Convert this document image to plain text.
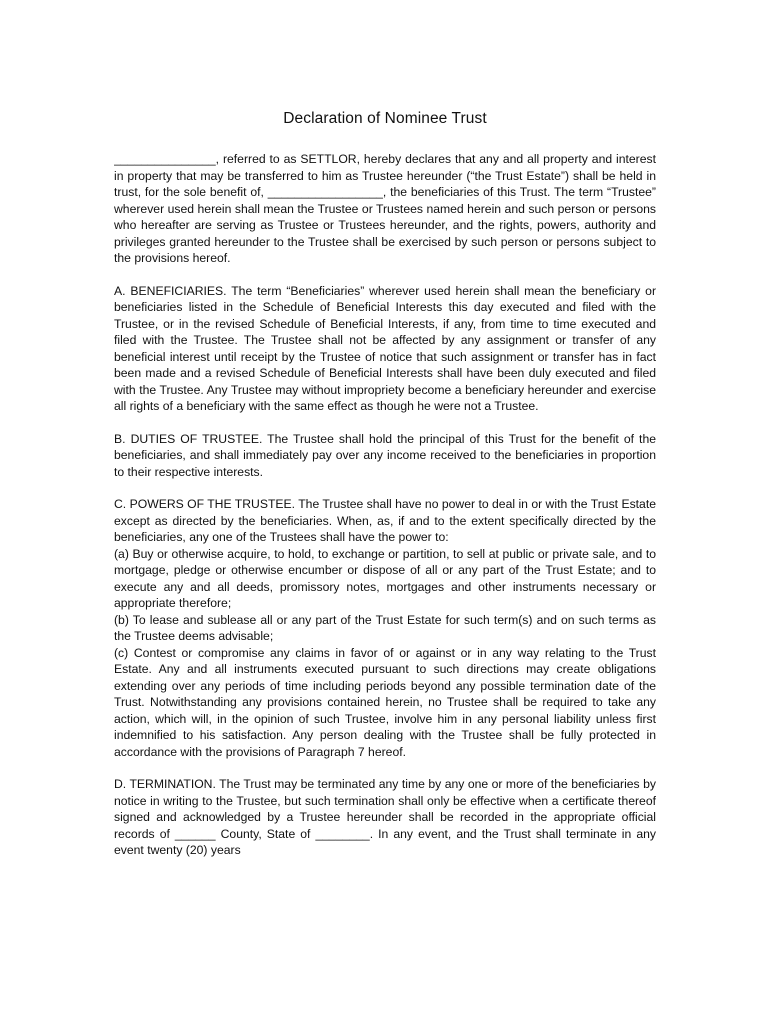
Declaration of Nominee Trust

_______________, referred to as SETTLOR, hereby declares that any and all property and interest in property that may be transferred to him as Trustee hereunder (“the Trust Estate”) shall be held in trust, for the sole benefit of, _________________, the beneficiaries of this Trust. The term “Trustee” wherever used herein shall mean the Trustee or Trustees named herein and such person or persons who hereafter are serving as Trustee or Trustees hereunder, and the rights, powers, authority and privileges granted hereunder to the Trustee shall be exercised by such person or persons subject to the provisions hereof.

A. BENEFICIARIES. The term “Beneficiaries” wherever used herein shall mean the beneficiary or beneficiaries listed in the Schedule of Beneficial Interests this day executed and filed with the Trustee, or in the revised Schedule of Beneficial Interests, if any, from time to time executed and filed with the Trustee. The Trustee shall not be affected by any assignment or transfer of any beneficial interest until receipt by the Trustee of notice that such assignment or transfer has in fact been made and a revised Schedule of Beneficial Interests shall have been duly executed and filed with the Trustee. Any Trustee may without impropriety become a beneficiary hereunder and exercise all rights of a beneficiary with the same effect as though he were not a Trustee.

B. DUTIES OF TRUSTEE. The Trustee shall hold the principal of this Trust for the benefit of the beneficiaries, and shall immediately pay over any income received to the beneficiaries in proportion to their respective interests.

C. POWERS OF THE TRUSTEE. The Trustee shall have no power to deal in or with the Trust Estate except as directed by the beneficiaries. When, as, if and to the extent specifically directed by the beneficiaries, any one of the Trustees shall have the power to:

(a) Buy or otherwise acquire, to hold, to exchange or partition, to sell at public or private sale, and to mortgage, pledge or otherwise encumber or dispose of all or any part of the Trust Estate; and to execute any and all deeds, promissory notes, mortgages and other instruments necessary or appropriate therefore;

(b) To lease and sublease all or any part of the Trust Estate for such term(s) and on such terms as the Trustee deems advisable;

(c) Contest or compromise any claims in favor of or against or in any way relating to the Trust Estate. Any and all instruments executed pursuant to such directions may create obligations extending over any periods of time including periods beyond any possible termination date of the Trust. Notwithstanding any provisions contained herein, no Trustee shall be required to take any action, which will, in the opinion of such Trustee, involve him in any personal liability unless first indemnified to his satisfaction. Any person dealing with the Trustee shall be fully protected in accordance with the provisions of Paragraph 7 hereof.

D. TERMINATION. The Trust may be terminated any time by any one or more of the beneficiaries by notice in writing to the Trustee, but such termination shall only be effective when a certificate thereof signed and acknowledged by a Trustee hereunder shall be recorded in the appropriate official records of ______ County, State of ________. In any event, and the Trust shall terminate in any event twenty (20) years
